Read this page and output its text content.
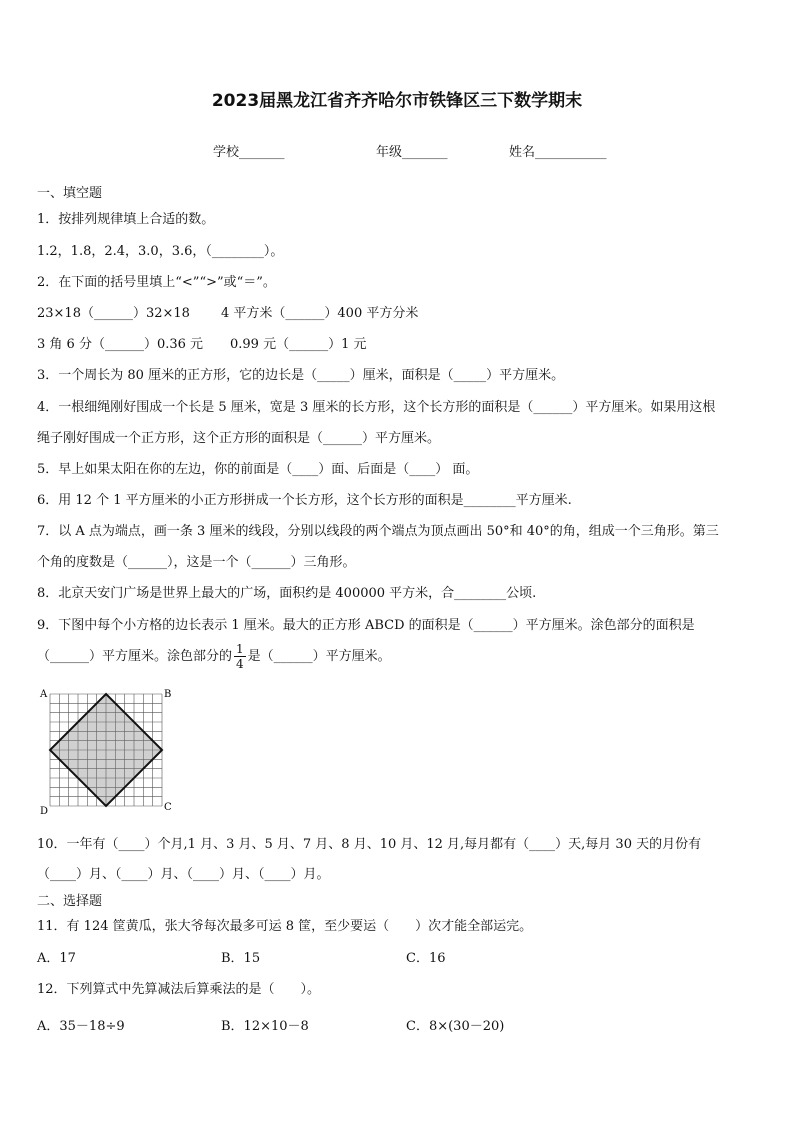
2023届黑龙江省齐齐哈尔市铁锋区三下数学期末
学校_______	年级_______	姓名___________
一、填空题
1．按排列规律填上合适的数。
1.2，1.8，2.4，3.0，3.6，（________）。
2．在下面的括号里填上“<”“>”或“＝”。
23×18（______）32×18 4 平方米（______）400 平方分米
3 角 6 分（______）0.36 元 0.99 元（______）1 元
3．一个周长为 80 厘米的正方形，它的边长是（_____）厘米，面积是（_____）平方厘米。
4．一根细绳刚好围成一个长是 5 厘米，宽是 3 厘米的长方形，这个长方形的面积是（______）平方厘米。如果用这根
绳子刚好围成一个正方形，这个正方形的面积是（______）平方厘米。
5．早上如果太阳在你的左边，你的前面是（____）面、后面是（____） 面。
6．用 12 个 1 平方厘米的小正方形拼成一个长方形，这个长方形的面积是________平方厘米.
7．以 A 点为端点，画一条 3 厘米的线段，分别以线段的两个端点为顶点画出 50°和 40°的角，组成一个三角形。第三
个角的度数是（______），这是一个（______）三角形。
8．北京天安门广场是世界上最大的广场，面积约是 400000 平方米，合________公顷.
9．下图中每个小方格的边长表示 1 厘米。最大的正方形 ABCD 的面积是（______）平方厘米。涂色部分的面积是
（______）平方厘米。涂色部分的 $\frac{1}{4}$ 是（______）平方厘米。
A	B
C
D
10．一年有（____）个月,1 月、3 月、5 月、7 月、8 月、10 月、12 月,每月都有（____）天,每月 30 天的月份有
（____）月、（____）月、（____）月、（____）月。
二、选择题
11．有 124 筐黄瓜，张大爷每次最多可运 8 筐，至少要运（　　）次才能全部运完。
A．17	B．15	C．16
12．下列算式中先算减法后算乘法的是（　　）。
A．35－18÷9	B．12×10－8	C．8×(30－20)
